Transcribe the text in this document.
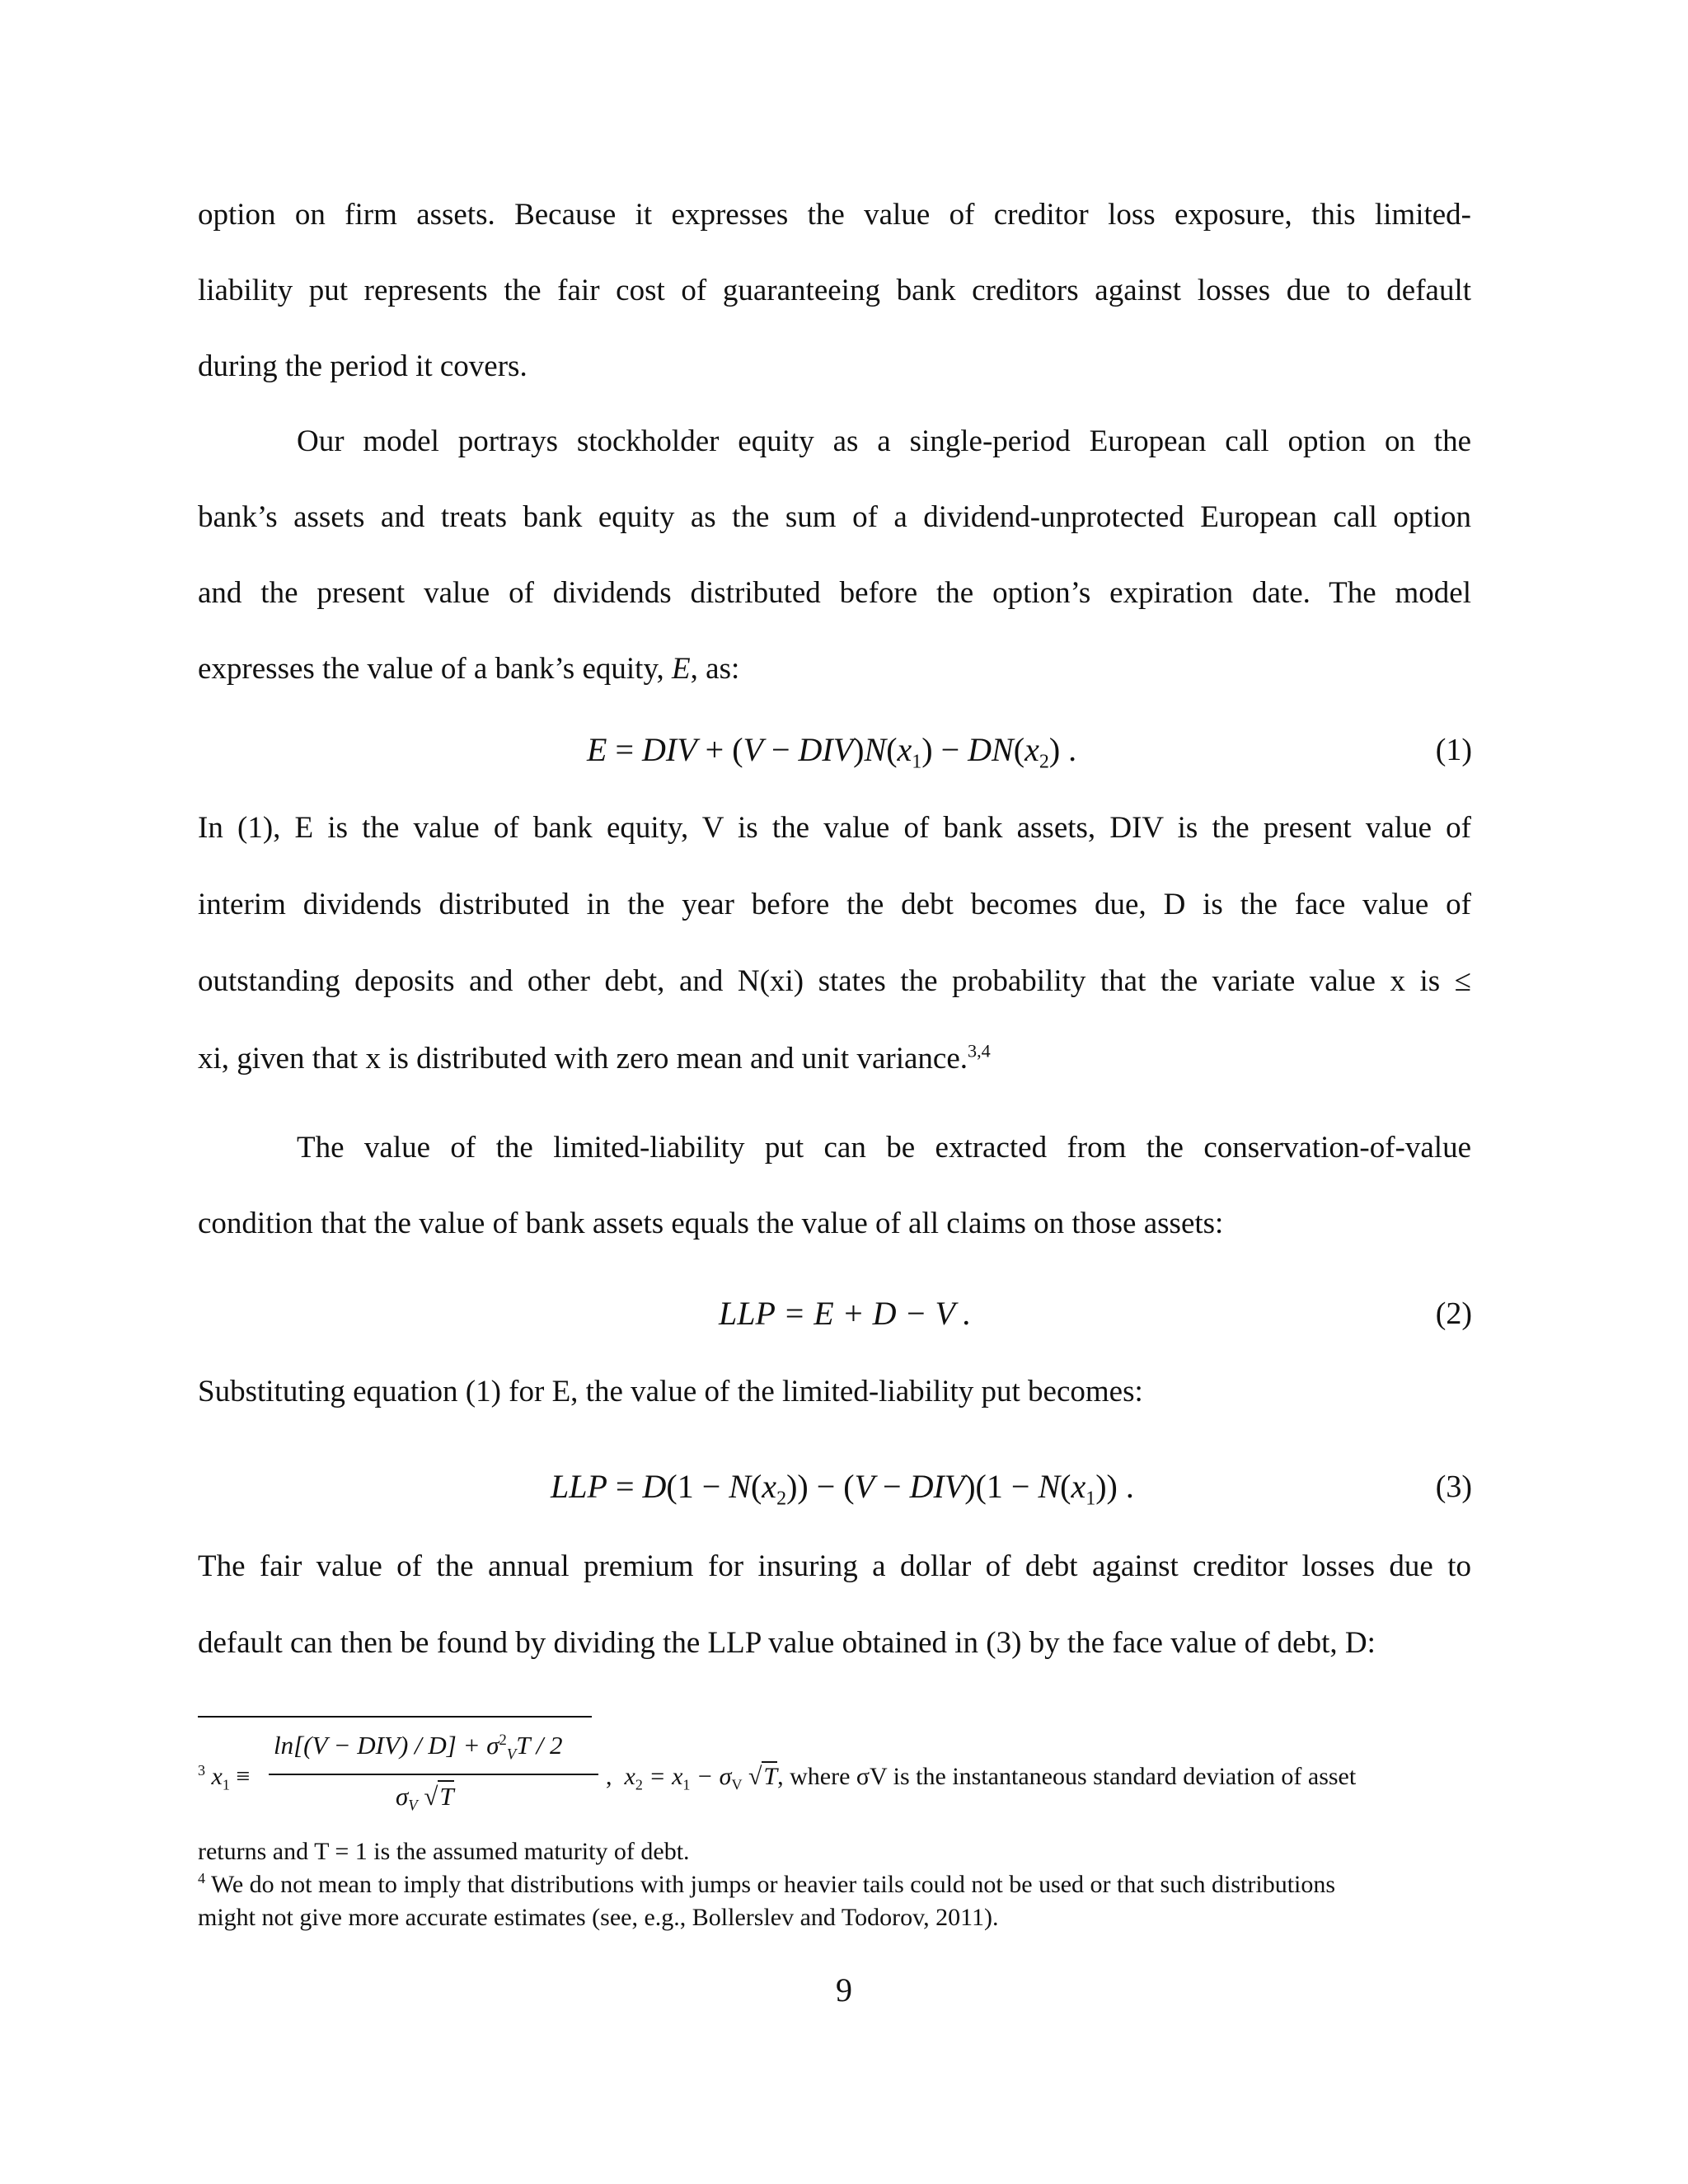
option on firm assets. Because it expresses the value of creditor loss exposure, this limited-
liability put represents the fair cost of guaranteeing bank creditors against losses due to default
during the period it covers.
Our model portrays stockholder equity as a single-period European call option on the
bank’s assets and treats bank equity as the sum of a dividend-unprotected European call option
and the present value of dividends distributed before the option’s expiration date. The model
expresses the value of a bank’s equity, E, as:
E = DIV + $(V - DIV)N(x_1) - DN(x_2)$ .	(1)
In (1), E is the value of bank equity, V is the value of bank assets, DIV is the present value of
interim dividends distributed in the year before the debt becomes due, D is the face value of
outstanding deposits and other debt, and N(xi) states the probability that the variate value x is ≤
xi, given that x is distributed with zero mean and unit variance.$^{3,4}$
The value of the limited-liability put can be extracted from the conservation-of-value
condition that the value of bank assets equals the value of all claims on those assets:
LLP = E + D − V .	(2)
Substituting equation (1) for E, the value of the limited-liability put becomes:
LLP = $D(1 - N(x_2)) - (V - DIV)(1 - N(x_1))$ .	(3)
The fair value of the annual premium for insuring a dollar of debt against creditor losses due to
default can then be found by dividing the LLP value obtained in (3) by the face value of debt, D:
$^3$ $x_1$ ≡
$\ln[(V - DIV) / D] + \sigma^2_VT / 2$
$\sigma_V$ √T
, $x_2 = x_1 - \sigma_V$ √T, where σV is the instantaneous standard deviation of asset
returns and T = 1 is the assumed maturity of debt.
$^4$ We do not mean to imply that distributions with jumps or heavier tails could not be used or that such distributions
might not give more accurate estimates (see, e.g., Bollerslev and Todorov, 2011).
9
